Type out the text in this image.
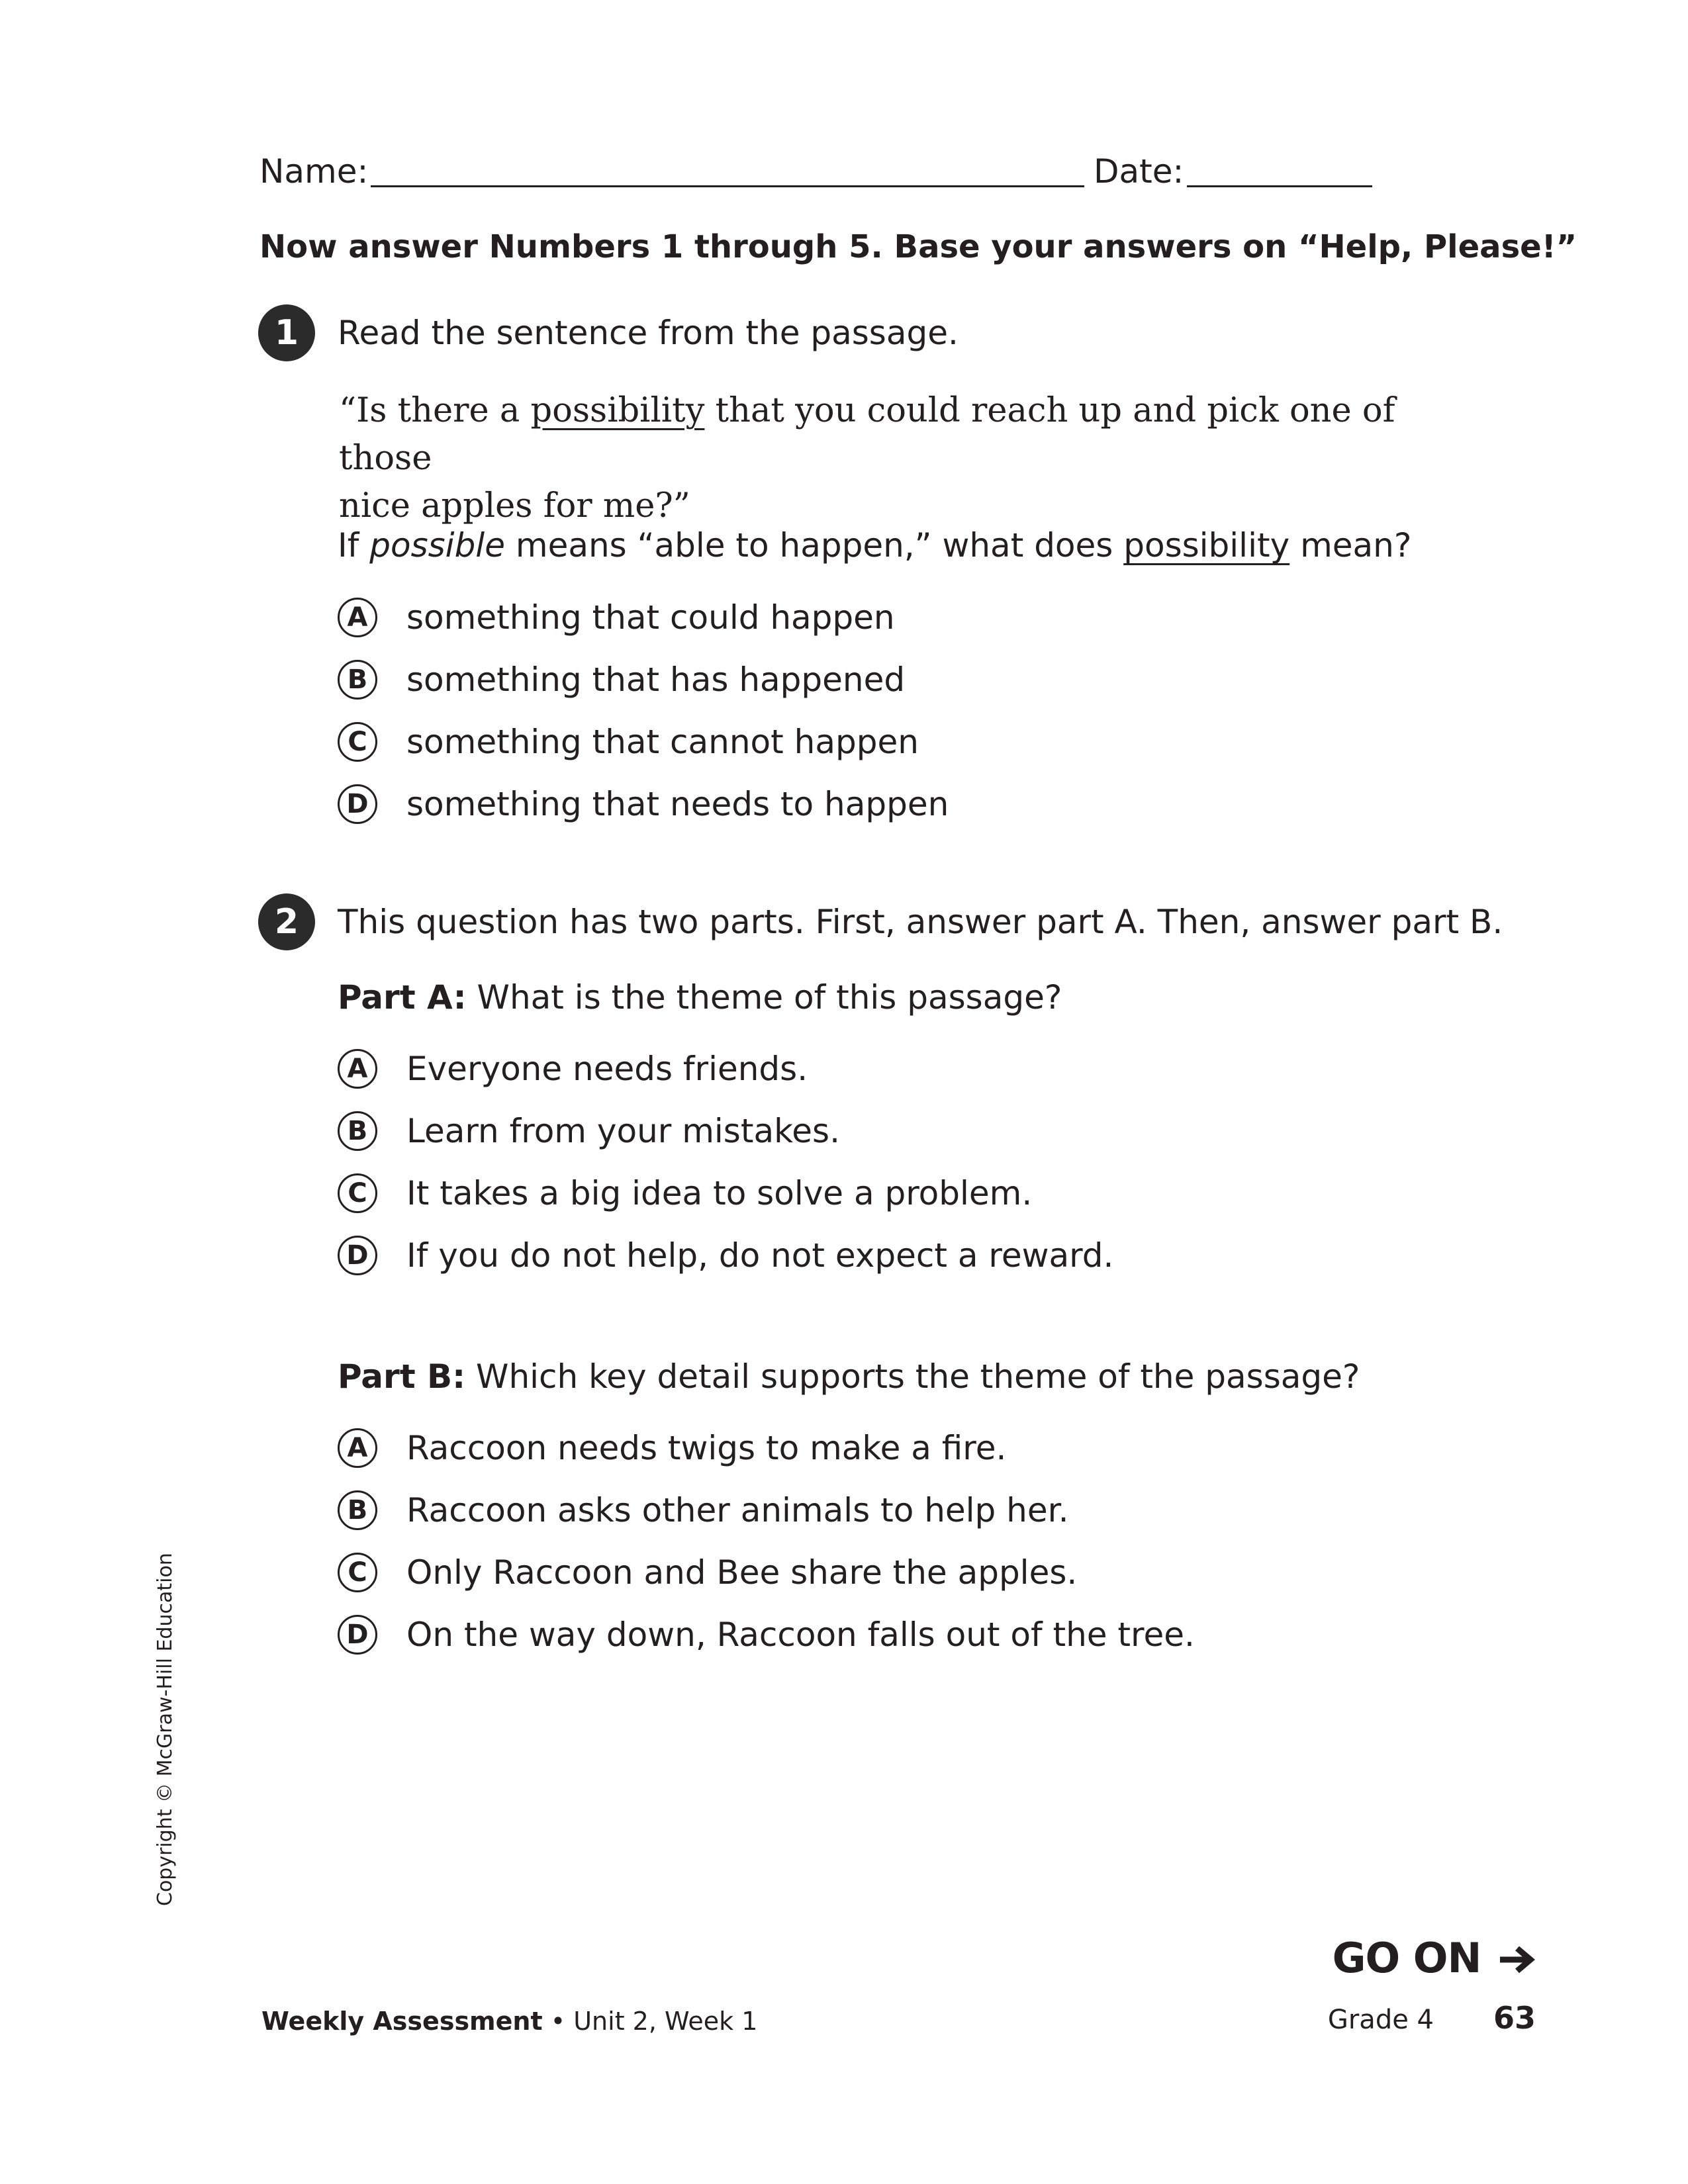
Name:	Date:
Now answer Numbers 1 through 5. Base your answers on “Help, Please!”
1	Read the sentence from the passage.
“Is there a possibility that you could reach up and pick one of those
nice apples for me?”
If possible means “able to happen,” what does possibility mean?
A something that could happen
B something that has happened
C	something that cannot happen
D something that needs to happen
2	This question has two parts. First, answer part A. Then, answer part B.
Part A: What is the theme of this passage?
A Everyone needs friends.
B Learn from your mistakes.
C	It takes a big idea to solve a problem.
D If you do not help, do not expect a reward.
Part B: Which key detail supports the theme of the passage?
A Raccoon needs twigs to make a fire.
B Raccoon asks other animals to help her.
C	Only Raccoon and Bee share the apples.
D On the way down, Raccoon falls out of the tree.
Copyright © McGraw-Hill Education
GO ON
Weekly Assessment • Unit 2, Week 1	Grade 4 63
